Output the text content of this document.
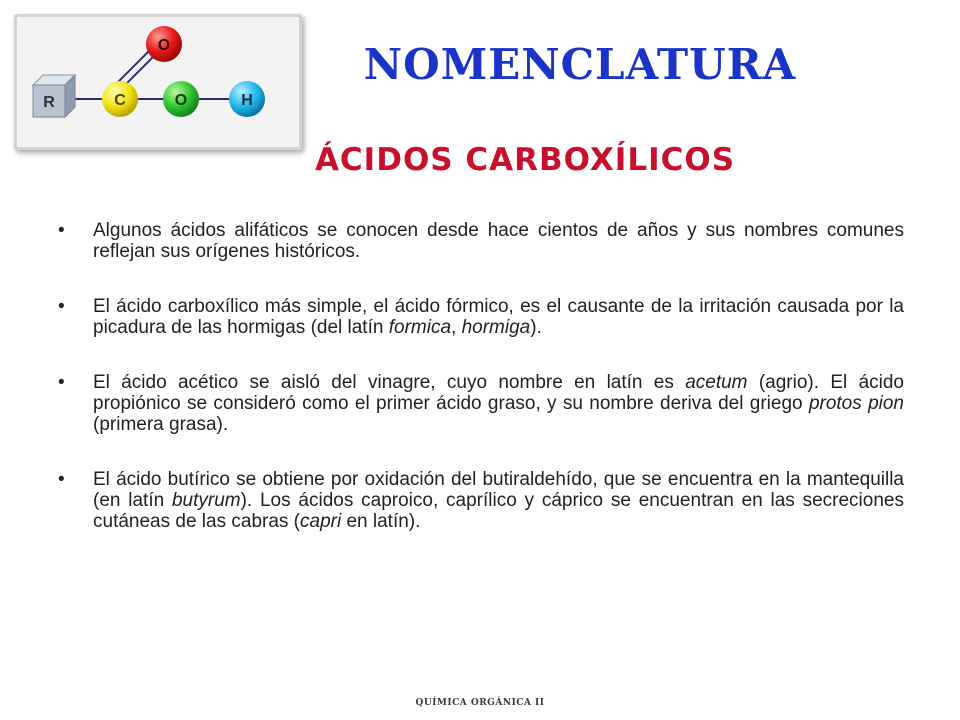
R	C
O
O	H
NOMENCLATURA
ÁCIDOS CARBOXÍLICOS
• Algunos ácidos alifáticos se conocen desde hace cientos de años y sus nombres comunes reflejan sus orígenes históricos.
• El ácido carboxílico más simple, el ácido fórmico, es el causante de la irritación causada por la picadura de las hormigas (del latín formica, hormiga).
• El ácido acético se aisló del vinagre, cuyo nombre en latín es acetum (agrio). El ácido propiónico se consideró como el primer ácido graso, y su nombre deriva del griego protos pion (primera grasa).
• El ácido butírico se obtiene por oxidación del butiraldehído, que se encuentra en la mantequilla (en latín butyrum). Los ácidos caproico, caprílico y cáprico se encuentran en las secreciones cutáneas de las cabras (capri en latín).
QUÍMICA ORGÁNICA II
